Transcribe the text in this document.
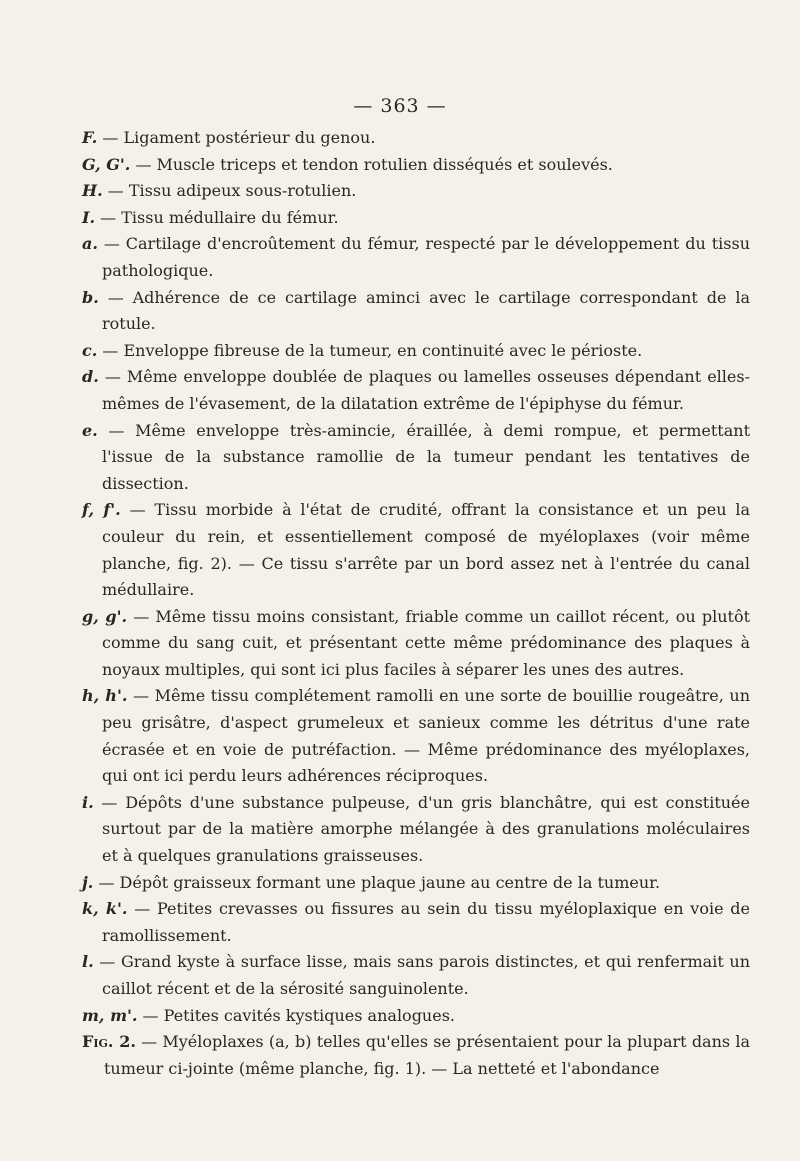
— 363 —

F. — Ligament postérieur du genou.

G, G'. — Muscle triceps et tendon rotulien disséqués et soulevés.

H. — Tissu adipeux sous-rotulien.

I. — Tissu médullaire du fémur.

a. — Cartilage d'encroûtement du fémur, respecté par le développement du tissu pathologique.

b. — Adhérence de ce cartilage aminci avec le cartilage correspondant de la rotule.

c. — Enveloppe fibreuse de la tumeur, en continuité avec le périoste.

d. — Même enveloppe doublée de plaques ou lamelles osseuses dépendant elles-mêmes de l'évasement, de la dilatation extrême de l'épiphyse du fémur.

e. — Même enveloppe très-amincie, éraillée, à demi rompue, et permettant l'issue de la substance ramollie de la tumeur pendant les tentatives de dissection.

f, f'. — Tissu morbide à l'état de crudité, offrant la consistance et un peu la couleur du rein, et essentiellement composé de myéloplaxes (voir même planche, fig. 2). — Ce tissu s'arrête par un bord assez net à l'entrée du canal médullaire.

g, g'. — Même tissu moins consistant, friable comme un caillot récent, ou plutôt comme du sang cuit, et présentant cette même prédominance des plaques à noyaux multiples, qui sont ici plus faciles à séparer les unes des autres.

h, h'. — Même tissu complétement ramolli en une sorte de bouillie rougeâtre, un peu grisâtre, d'aspect grumeleux et sanieux comme les détritus d'une rate écrasée et en voie de putréfaction. — Même prédominance des myéloplaxes, qui ont ici perdu leurs adhérences réciproques.

i. — Dépôts d'une substance pulpeuse, d'un gris blanchâtre, qui est constituée surtout par de la matière amorphe mélangée à des granulations moléculaires et à quelques granulations graisseuses.

j. — Dépôt graisseux formant une plaque jaune au centre de la tumeur.

k, k'. — Petites crevasses ou fissures au sein du tissu myéloplaxique en voie de ramollissement.

l. — Grand kyste à surface lisse, mais sans parois distinctes, et qui renfermait un caillot récent et de la sérosité sanguinolente.

m, m'. — Petites cavités kystiques analogues.

Fig. 2. — Myéloplaxes (a, b) telles qu'elles se présentaient pour la plupart dans la tumeur ci-jointe (même planche, fig. 1). — La netteté et l'abondance
